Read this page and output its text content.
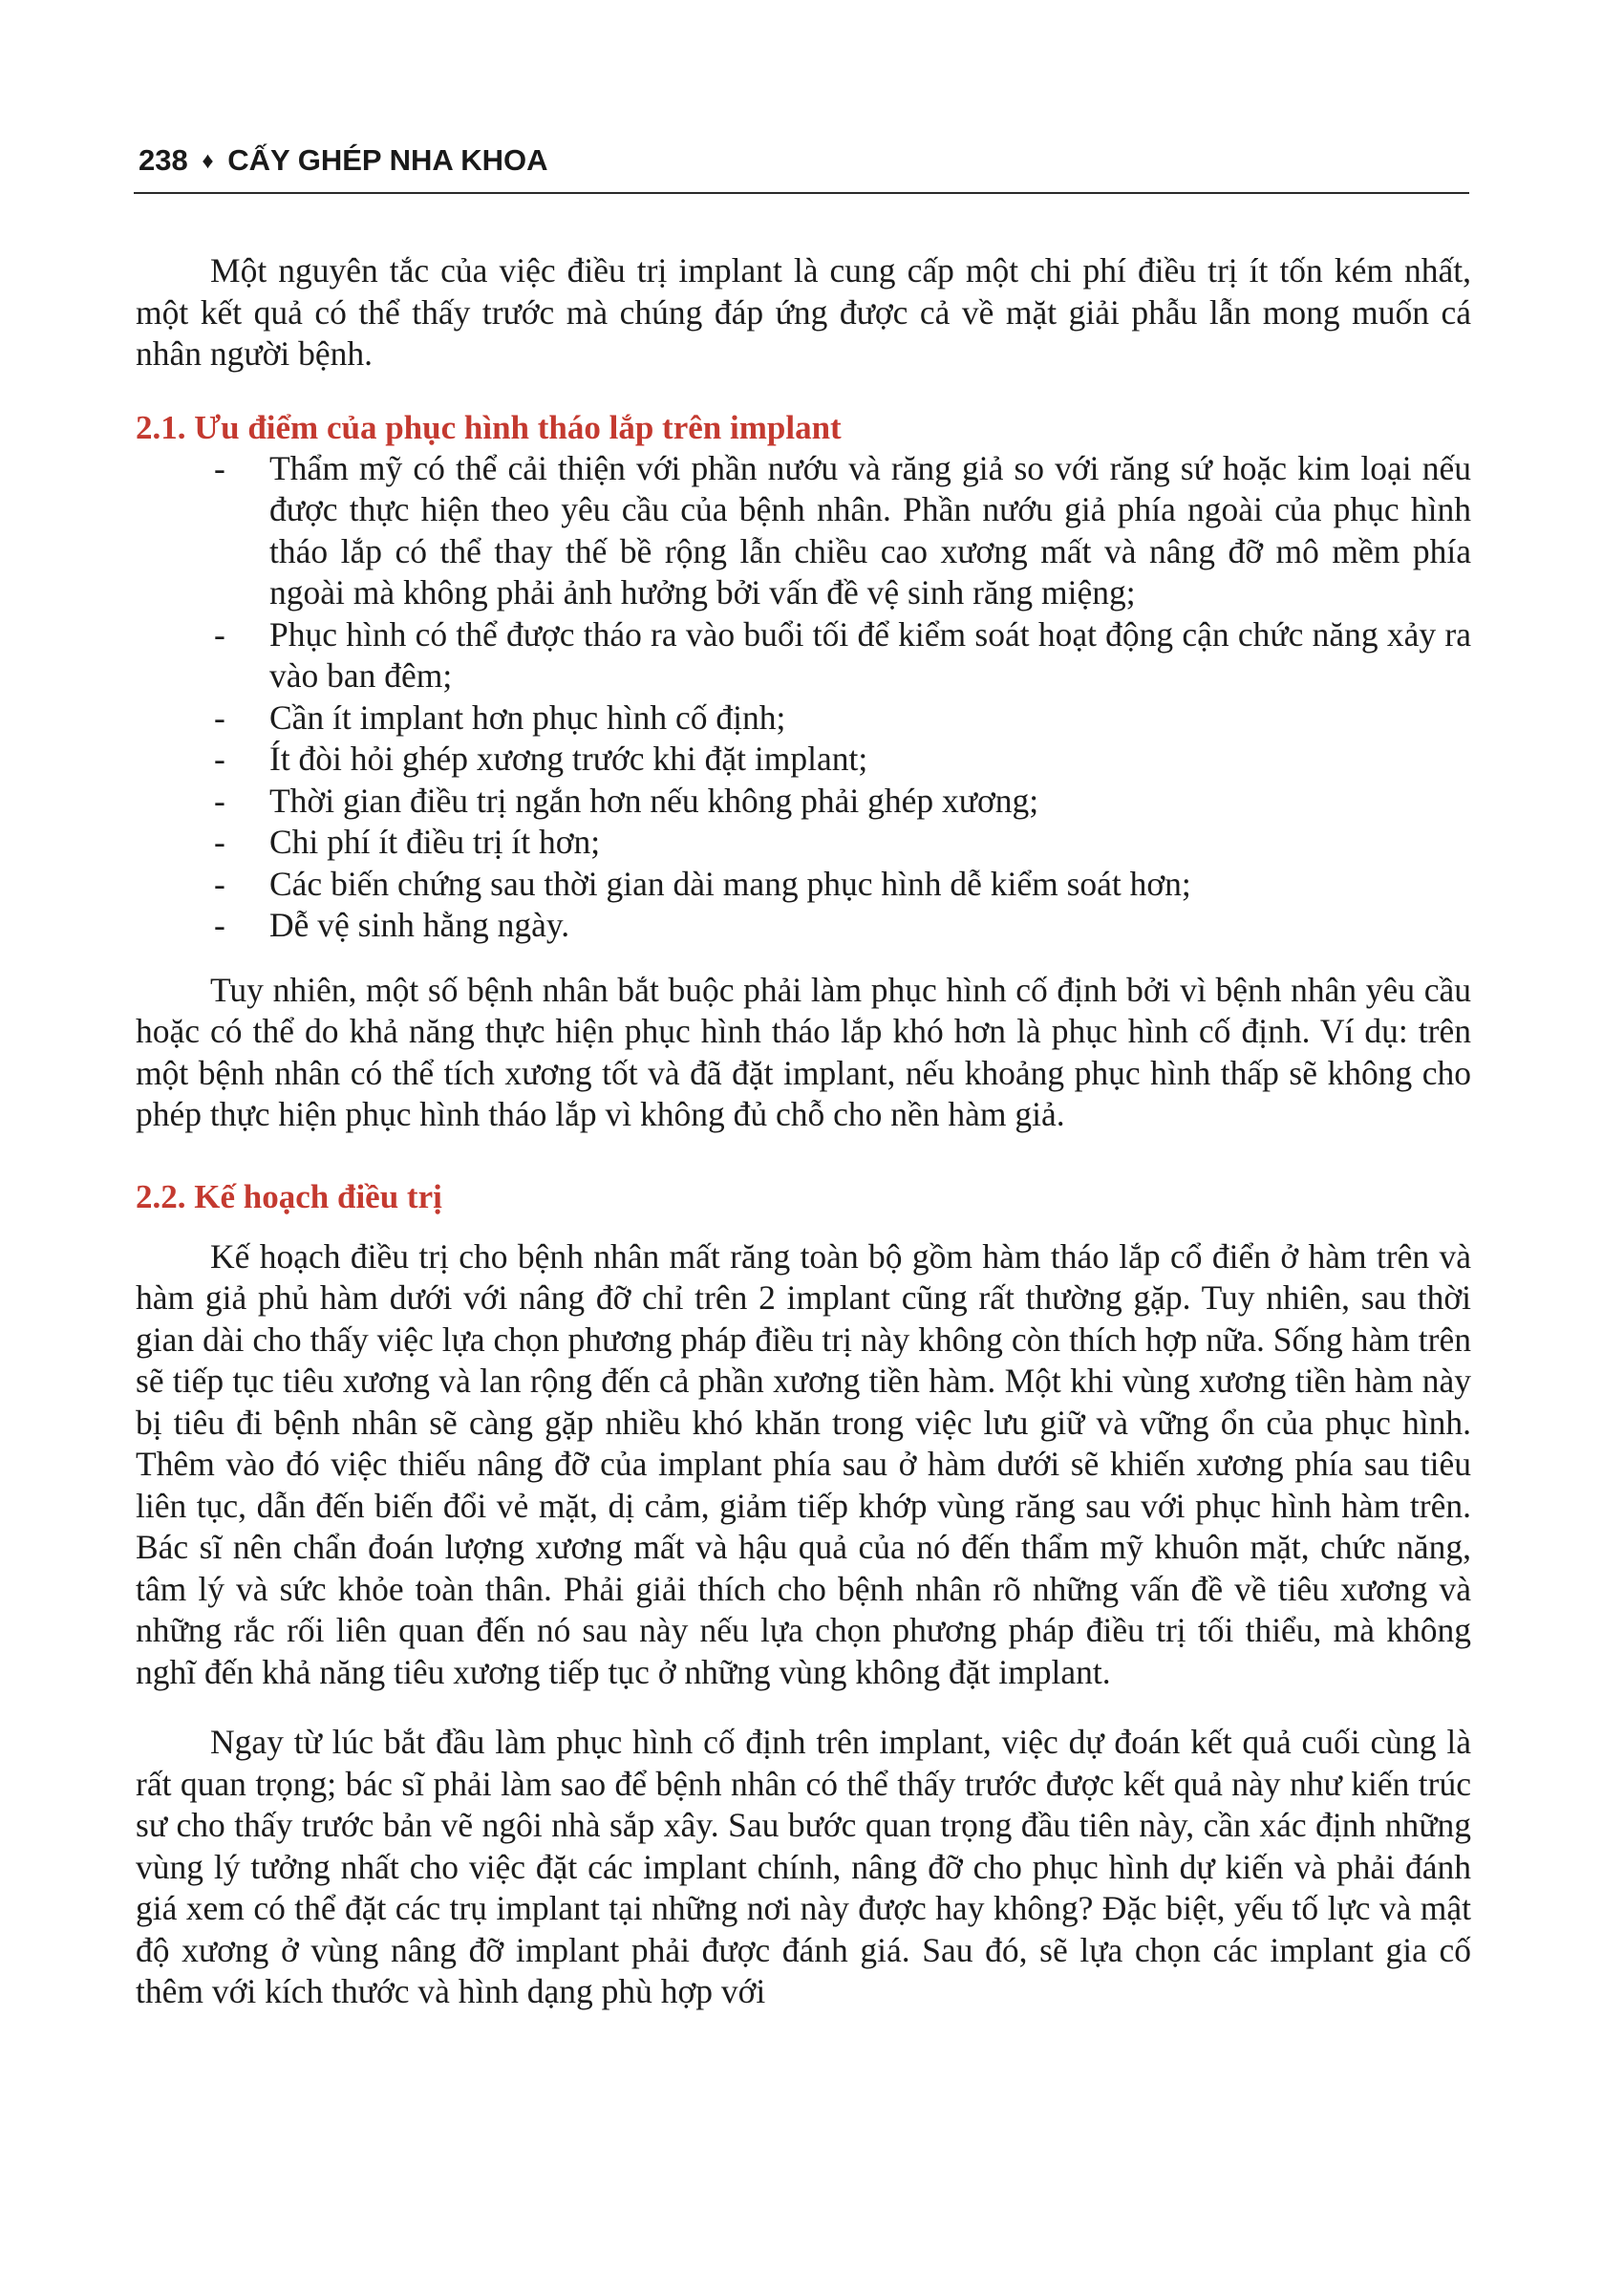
238 ♦ CẤY GHÉP NHA KHOA

Một nguyên tắc của việc điều trị implant là cung cấp một chi phí điều trị ít tốn kém nhất, một kết quả có thể thấy trước mà chúng đáp ứng được cả về mặt giải phẫu lẫn mong muốn cá nhân người bệnh.

2.1. Ưu điểm của phục hình tháo lắp trên implant
- Thẩm mỹ có thể cải thiện với phần nướu và răng giả so với răng sứ hoặc kim loại nếu được thực hiện theo yêu cầu của bệnh nhân. Phần nướu giả phía ngoài của phục hình tháo lắp có thể thay thế bề rộng lẫn chiều cao xương mất và nâng đỡ mô mềm phía ngoài mà không phải ảnh hưởng bởi vấn đề vệ sinh răng miệng;
- Phục hình có thể được tháo ra vào buổi tối để kiểm soát hoạt động cận chức năng xảy ra vào ban đêm;
- Cần ít implant hơn phục hình cố định;
- Ít đòi hỏi ghép xương trước khi đặt implant;
- Thời gian điều trị ngắn hơn nếu không phải ghép xương;
- Chi phí ít điều trị ít hơn;
- Các biến chứng sau thời gian dài mang phục hình dễ kiểm soát hơn;
- Dễ vệ sinh hằng ngày.

Tuy nhiên, một số bệnh nhân bắt buộc phải làm phục hình cố định bởi vì bệnh nhân yêu cầu hoặc có thể do khả năng thực hiện phục hình tháo lắp khó hơn là phục hình cố định. Ví dụ: trên một bệnh nhân có thể tích xương tốt và đã đặt implant, nếu khoảng phục hình thấp sẽ không cho phép thực hiện phục hình tháo lắp vì không đủ chỗ cho nền hàm giả.

2.2. Kế hoạch điều trị

Kế hoạch điều trị cho bệnh nhân mất răng toàn bộ gồm hàm tháo lắp cổ điển ở hàm trên và hàm giả phủ hàm dưới với nâng đỡ chỉ trên 2 implant cũng rất thường gặp. Tuy nhiên, sau thời gian dài cho thấy việc lựa chọn phương pháp điều trị này không còn thích hợp nữa. Sống hàm trên sẽ tiếp tục tiêu xương và lan rộng đến cả phần xương tiền hàm. Một khi vùng xương tiền hàm này bị tiêu đi bệnh nhân sẽ càng gặp nhiều khó khăn trong việc lưu giữ và vững ổn của phục hình. Thêm vào đó việc thiếu nâng đỡ của implant phía sau ở hàm dưới sẽ khiến xương phía sau tiêu liên tục, dẫn đến biến đổi vẻ mặt, dị cảm, giảm tiếp khớp vùng răng sau với phục hình hàm trên. Bác sĩ nên chẩn đoán lượng xương mất và hậu quả của nó đến thẩm mỹ khuôn mặt, chức năng, tâm lý và sức khỏe toàn thân. Phải giải thích cho bệnh nhân rõ những vấn đề về tiêu xương và những rắc rối liên quan đến nó sau này nếu lựa chọn phương pháp điều trị tối thiểu, mà không nghĩ đến khả năng tiêu xương tiếp tục ở những vùng không đặt implant.

Ngay từ lúc bắt đầu làm phục hình cố định trên implant, việc dự đoán kết quả cuối cùng là rất quan trọng; bác sĩ phải làm sao để bệnh nhân có thể thấy trước được kết quả này như kiến trúc sư cho thấy trước bản vẽ ngôi nhà sắp xây. Sau bước quan trọng đầu tiên này, cần xác định những vùng lý tưởng nhất cho việc đặt các implant chính, nâng đỡ cho phục hình dự kiến và phải đánh giá xem có thể đặt các trụ implant tại những nơi này được hay không? Đặc biệt, yếu tố lực và mật độ xương ở vùng nâng đỡ implant phải được đánh giá. Sau đó, sẽ lựa chọn các implant gia cố thêm với kích thước và hình dạng phù hợp với
